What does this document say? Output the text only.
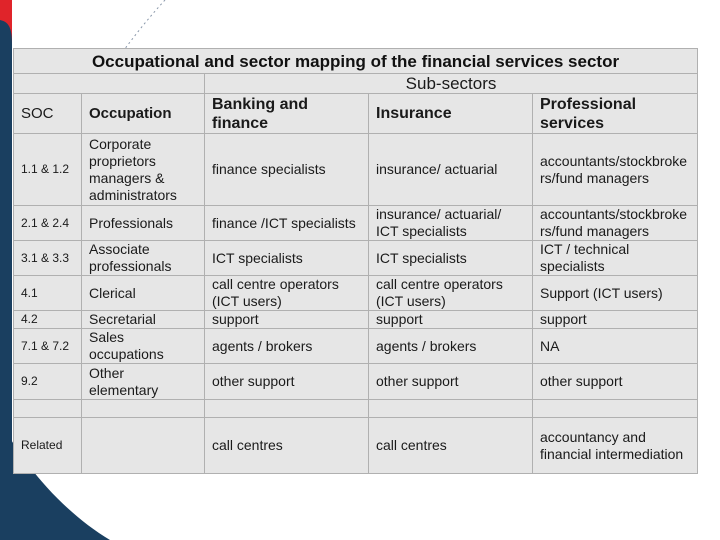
Occupational and sector mapping of the financial services sector				
		Sub-sectors		
SOC	Occupation	Banking and finance	Insurance	Professional services
1.1 & 1.2	Corporate proprietors managers & administrators	finance specialists	insurance/ actuarial	accountants/stockbrokers/fund managers
2.1 & 2.4	Professionals	finance /ICT specialists	insurance/ actuarial/ ICT specialists	accountants/stockbrokers/fund managers
3.1 & 3.3	Associate professionals	ICT specialists	ICT specialists	ICT / technical specialists
4.1	Clerical	call centre operators (ICT users)	call centre operators (ICT users)	Support (ICT users)
4.2	Secretarial	support	support	support
7.1 & 7.2	Sales occupations	agents / brokers	agents / brokers	NA
9.2	Other elementary	other support	other support	other support

Related		call centres	call centres	accountancy and financial intermediation
